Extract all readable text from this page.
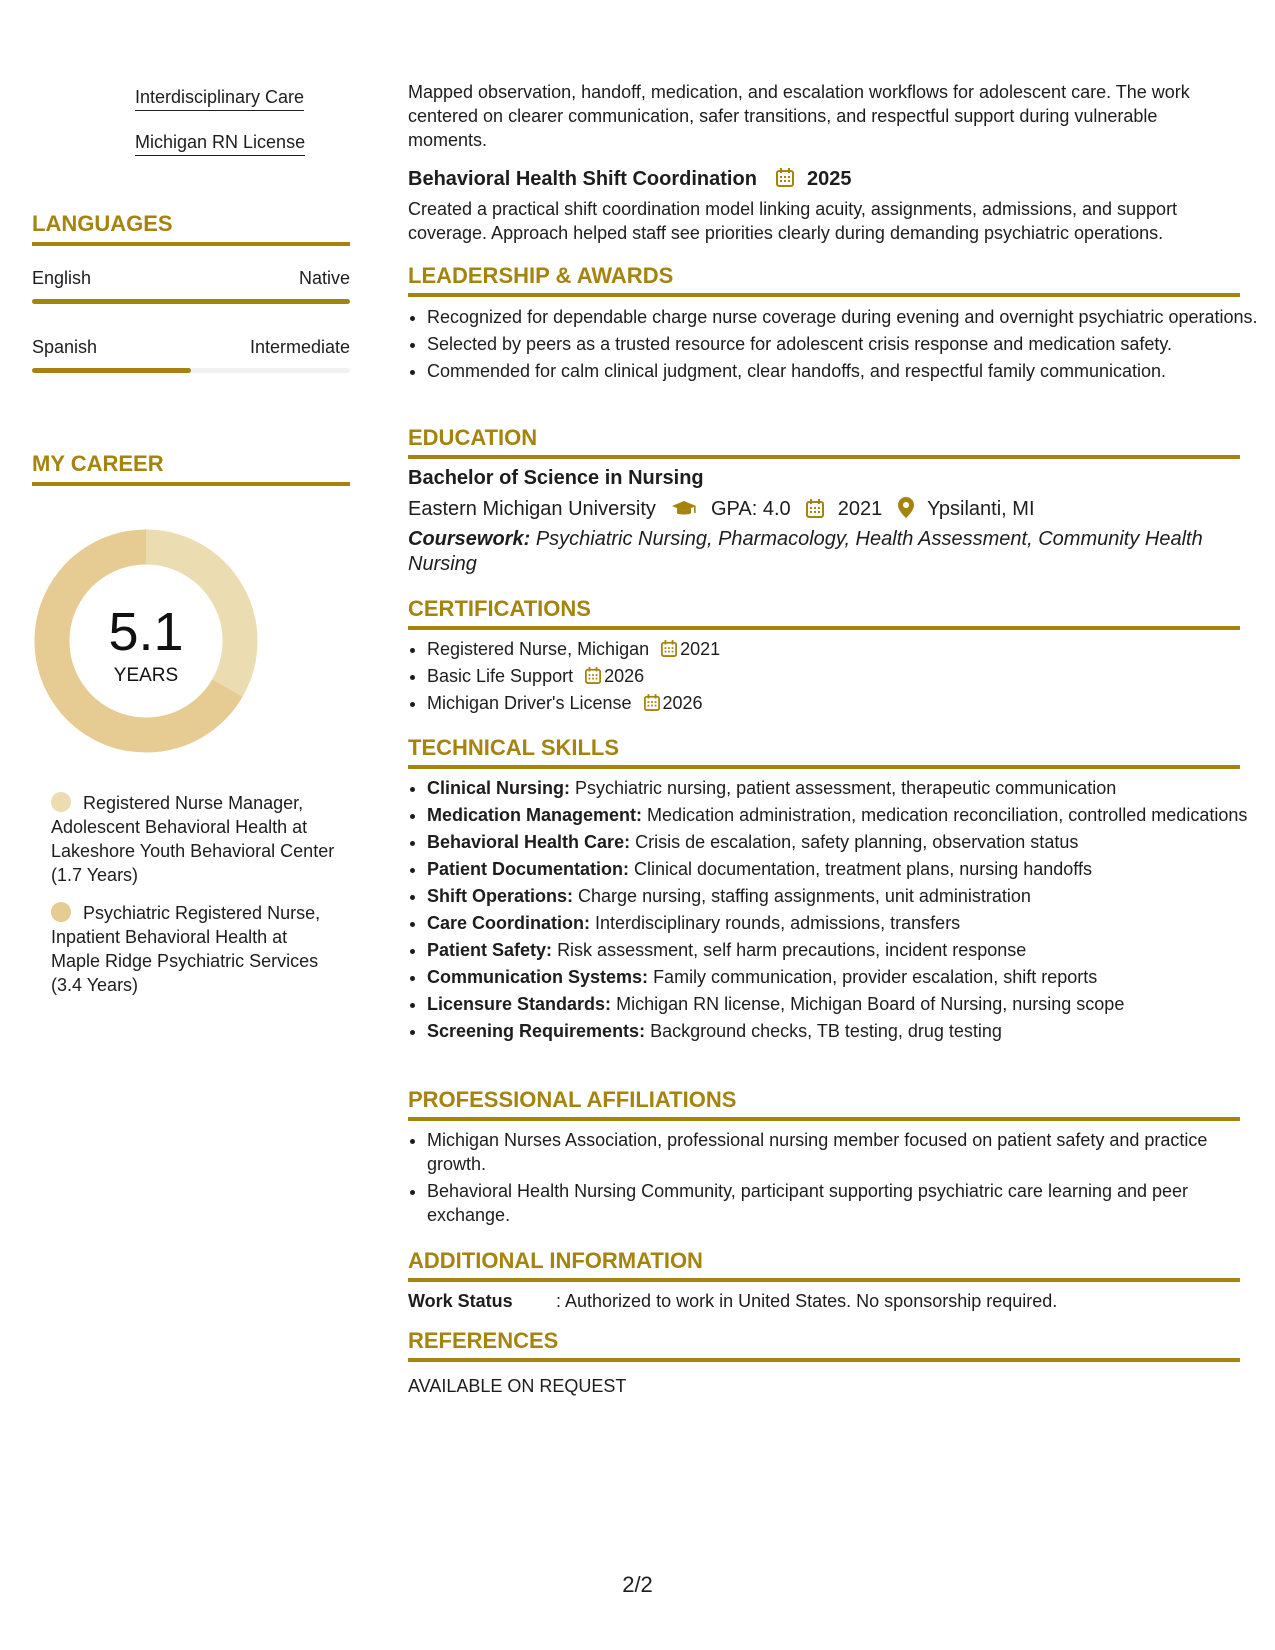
Interdisciplinary Care
Michigan RN License
LANGUAGES
English	Native
Spanish	Intermediate
MY CAREER
5.1
YEARS
Registered Nurse Manager, Adolescent Behavioral Health at Lakeshore Youth Behavioral Center (1.7 Years)
Psychiatric Registered Nurse, Inpatient Behavioral Health at Maple Ridge Psychiatric Services (3.4 Years)
Mapped observation, handoff, medication, and escalation workflows for adolescent care. The work centered on clearer communication, safer transitions, and respectful support during vulnerable moments.
Behavioral Health Shift Coordination	2025
Created a practical shift coordination model linking acuity, assignments, admissions, and support coverage. Approach helped staff see priorities clearly during demanding psychiatric operations.
LEADERSHIP & AWARDS
• Recognized for dependable charge nurse coverage during evening and overnight psychiatric operations.
• Selected by peers as a trusted resource for adolescent crisis response and medication safety.
• Commended for calm clinical judgment, clear handoffs, and respectful family communication.
EDUCATION
Bachelor of Science in Nursing
Eastern Michigan University	GPA: 4.0 2021 Ypsilanti, MI
Coursework: Psychiatric Nursing, Pharmacology, Health Assessment, Community Health Nursing
CERTIFICATIONS
• Registered Nurse, Michigan 2021
• Basic Life Support 2026
• Michigan Driver's License 2026
TECHNICAL SKILLS
• Clinical Nursing: Psychiatric nursing, patient assessment, therapeutic communication
• Medication Management: Medication administration, medication reconciliation, controlled medications
• Behavioral Health Care: Crisis de escalation, safety planning, observation status
• Patient Documentation: Clinical documentation, treatment plans, nursing handoffs
• Shift Operations: Charge nursing, staffing assignments, unit administration
• Care Coordination: Interdisciplinary rounds, admissions, transfers
• Patient Safety: Risk assessment, self harm precautions, incident response
• Communication Systems: Family communication, provider escalation, shift reports
• Licensure Standards: Michigan RN license, Michigan Board of Nursing, nursing scope
• Screening Requirements: Background checks, TB testing, drug testing
PROFESSIONAL AFFILIATIONS
• Michigan Nurses Association, professional nursing member focused on patient safety and practice growth.
• Behavioral Health Nursing Community, participant supporting psychiatric care learning and peer exchange.
ADDITIONAL INFORMATION
Work Status : Authorized to work in United States. No sponsorship required.
REFERENCES
AVAILABLE ON REQUEST
2/2
